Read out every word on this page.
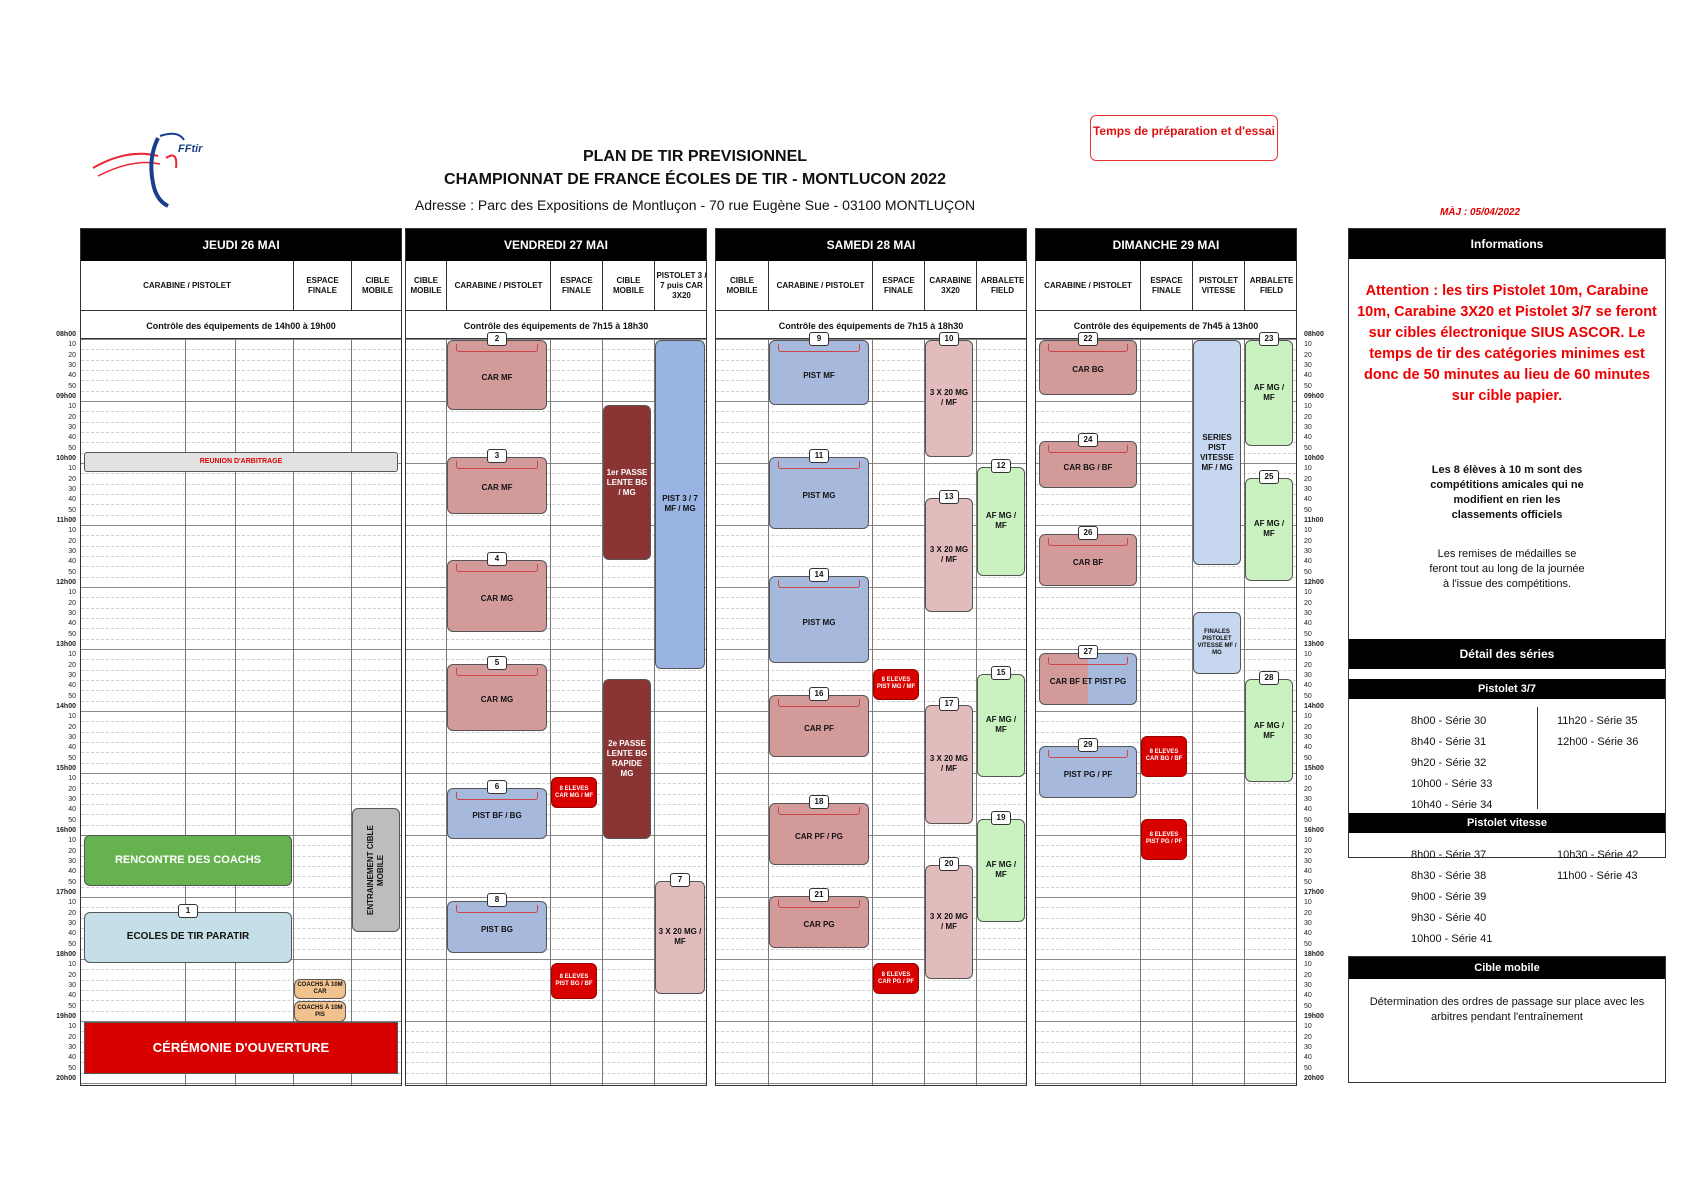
FFtir	PLAN DE TIR PREVISIONNEL
CHAMPIONNAT DE FRANCE ÉCOLES DE TIR - MONTLUCON 2022
Adresse : Parc des Expositions de Montluçon - 70 rue Eugène Sue - 03100 MONTLUÇON
Temps de préparation et d'essai
MÀJ : 05/04/2022
08h00
10
20
30
40
50
09h00
10
20
30
40
50
10h00
10
20
30
40
50
11h00
10
20
30
40
50
12h00
10
20
30
40
50
13h00
10
20
30
40
50
14h00
10
20
30
40
50
15h00
10
20
30
40
50
16h00
10
20
30
40
50
17h00
10
20
30
40
50
18h00
10
20
30
40
50
19h00
10
20
30
40
50
20h00
08h00
10
20
30
40
50
09h00
10
20
30
40
50
10h00
10
20
30
40
50
11h00
10
20
30
40
50
12h00
10
20
30
40
50
13h00
10
20
30
40
50
14h00
10
20
30
40
50
15h00
10
20
30
40
50
16h00
10
20
30
40
50
17h00
10
20
30
40
50
18h00
10
20
30
40
50
19h00
10
20
30
40
50
20h00
JEUDI 26 MAI
CARABINE / PISTOLET
ESPACE FINALE
CIBLE MOBILE
Contrôle des équipements de 14h00 à 19h00
VENDREDI 27 MAI
CIBLE MOBILE
CARABINE / PISTOLET
ESPACE FINALE
CIBLE MOBILE
PISTOLET 3 / 7 puis CAR 3X20
Contrôle des équipements de 7h15 à 18h30
SAMEDI 28 MAI
CIBLE MOBILE
CARABINE / PISTOLET
ESPACE FINALE
CARABINE 3X20
ARBALETE FIELD
Contrôle des équipements de 7h15 à 18h30
DIMANCHE 29 MAI
CARABINE / PISTOLET
ESPACE FINALE
PISTOLET VITESSE
ARBALETE FIELD
Contrôle des équipements de 7h45 à 13h00
REUNION D'ARBITRAGE
RENCONTRE DES COACHS
ECOLES DE TIR PARATIR
1	ENTRAINEMENT CIBLE MOBILE
COACHS À 10M CAR
COACHS À 10M PIS
CÉRÉMONIE D'OUVERTURE
CAR MF
2
CAR MF
3
CAR MG
4
CAR MG
5
PIST BF / BG
6
PIST BG
8
8 ELEVES CAR MG / MF
8 ELEVES PIST BG / BF
1er PASSE LENTE BG / MG
2e PASSE LENTE BG RAPIDE MG
PIST 3 / 7 MF / MG
3 X 20 MG / MF
7
PIST MF
9
PIST MG
11
PIST MG
14
CAR PF
16
CAR PF / PG
18
CAR PG
21
8 ELEVES PIST MG / MF
8 ELEVES CAR PG / PF
3 X 20 MG / MF
10
3 X 20 MG / MF
13
3 X 20 MG / MF
17
3 X 20 MG / MF
20
AF MG / MF
12
AF MG / MF
15
AF MG / MF
19
CAR BG
22
CAR BG / BF
24
CAR BF
26
CAR BF ET PIST PG
27
PIST PG / PF
29
8 ELEVES CAR BG / BF
8 ELEVES PIST PG / PF
SERIES PIST VITESSE MF / MG
FINALES PISTOLET VITESSE MF / MG
AF MG / MF
23
AF MG / MF
25
AF MG / MF
28
Informations
Attention : les tirs Pistolet 10m, Carabine 10m, Carabine 3X20 et Pistolet 3/7 se feront sur cibles électronique SIUS ASCOR. Le temps de tir des catégories minimes est donc de 50 minutes au lieu de 60 minutes sur cible papier.
Les 8 élèves à 10 m sont des compétitions amicales qui ne modifient en rien les classements officiels
Les remises de médailles se feront tout au long de la journée à l'issue des compétitions.
Détail des séries
Pistolet 3/7
8h00 - Série 30
8h40 - Série 31
9h20 - Série 32
10h00 - Série 33
10h40 - Série 34
11h20 - Série 35
12h00 - Série 36
Pistolet vitesse
8h00 - Série 37
8h30 - Série 38
9h00 - Série 39
9h30 - Série 40
10h00 - Série 41
10h30 - Série 42
11h00 - Série 43
Cible mobile
Détermination des ordres de passage sur place avec les arbitres pendant l'entraînement
